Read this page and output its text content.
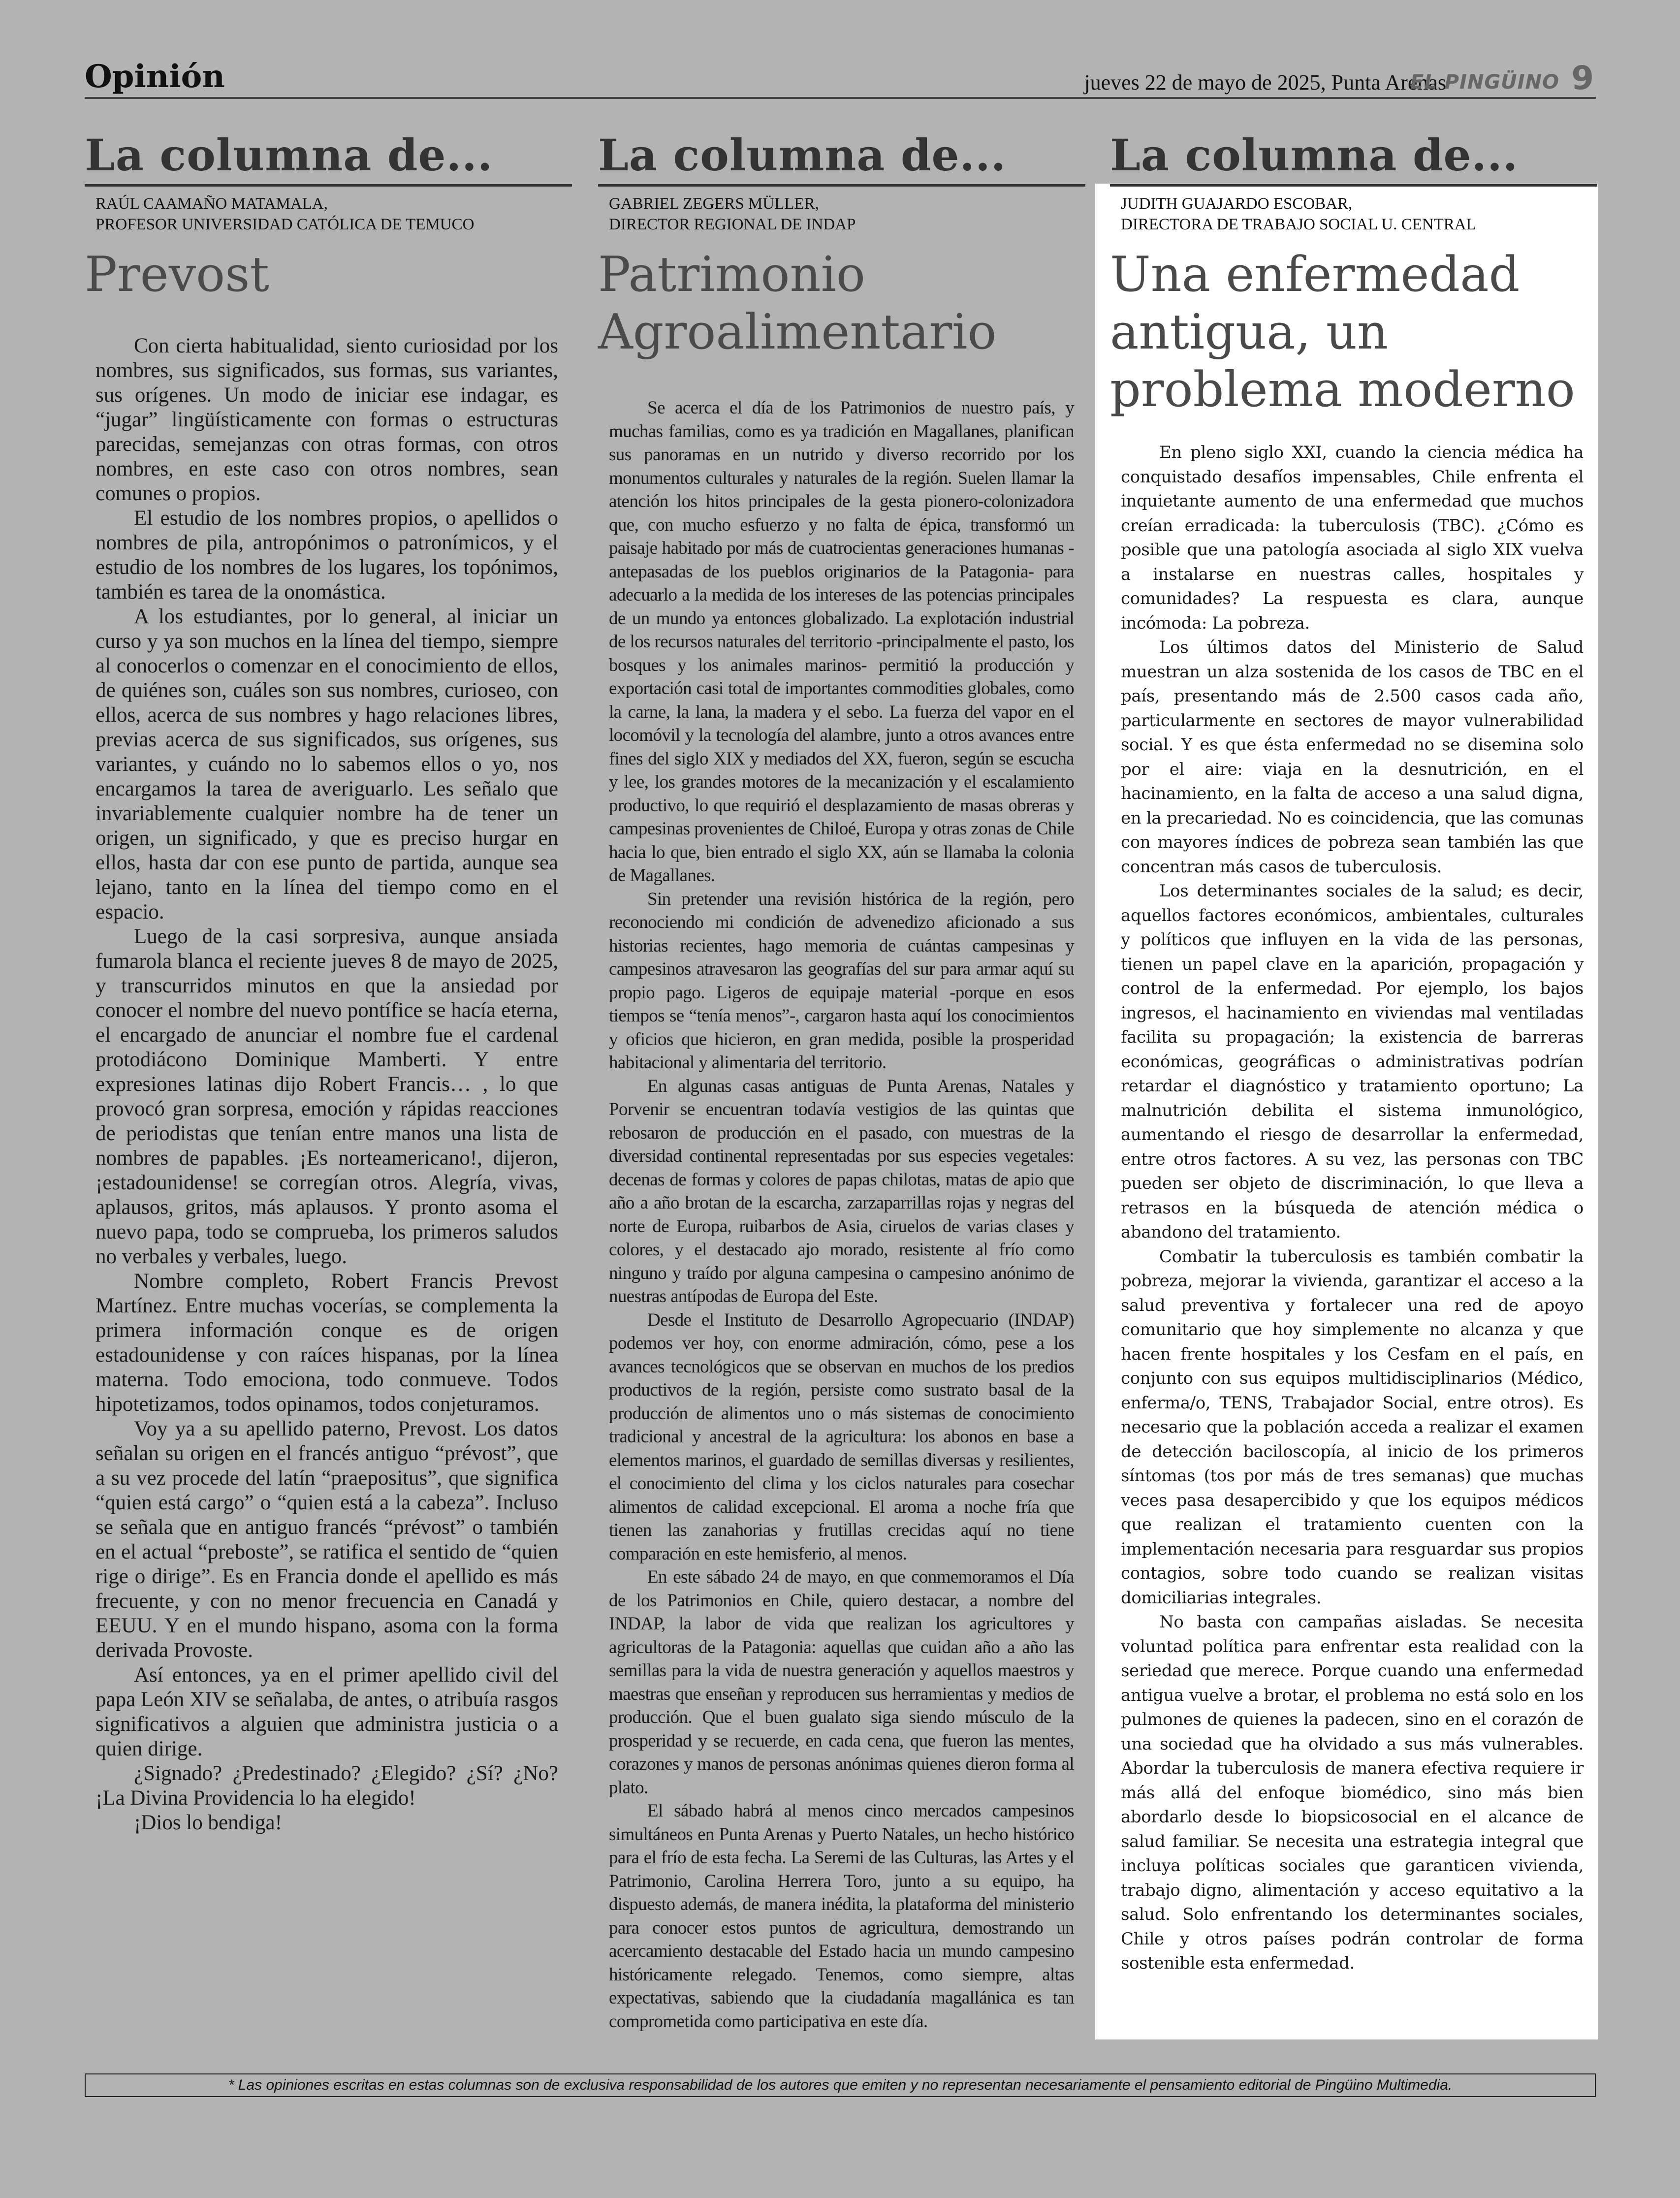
Opinión	jueves 22 de mayo de 2025, Punta Arenas
EL PINGÜINO 9
La columna de...
RAÚL CAAMAÑO MATAMALA,
PROFESOR UNIVERSIDAD CATÓLICA DE TEMUCO
Prevost

Con cierta habitualidad, siento curiosidad por los nombres, sus significados, sus formas, sus variantes, sus orígenes. Un modo de iniciar ese indagar, es “jugar” lingüísticamente con formas o estructuras parecidas, semejanzas con otras formas, con otros nombres, en este caso con otros nombres, sean comunes o propios.

El estudio de los nombres propios, o apellidos o nombres de pila, antropónimos o patronímicos, y el estudio de los nombres de los lugares, los topónimos, también es tarea de la onomástica.

A los estudiantes, por lo general, al iniciar un curso y ya son muchos en la línea del tiempo, siempre al conocerlos o comenzar en el conocimiento de ellos, de quiénes son, cuáles son sus nombres, curioseo, con ellos, acerca de sus nombres y hago relaciones libres, previas acerca de sus significados, sus orígenes, sus variantes, y cuándo no lo sabemos ellos o yo, nos encargamos la tarea de averiguarlo. Les señalo que invariablemente cualquier nombre ha de tener un origen, un significado, y que es preciso hurgar en ellos, hasta dar con ese punto de partida, aunque sea lejano, tanto en la línea del tiempo como en el espacio.

Luego de la casi sorpresiva, aunque ansiada fumarola blanca el reciente jueves 8 de mayo de 2025, y transcurridos minutos en que la ansiedad por conocer el nombre del nuevo pontífice se hacía eterna, el encargado de anunciar el nombre fue el cardenal protodiácono Dominique Mamberti. Y entre expresiones latinas dijo Robert Francis… , lo que provocó gran sorpresa, emoción y rápidas reacciones de periodistas que tenían entre manos una lista de nombres de papables. ¡Es norteamericano!, dijeron, ¡estadounidense! se corregían otros. Alegría, vivas, aplausos, gritos, más aplausos. Y pronto asoma el nuevo papa, todo se comprueba, los primeros saludos no verbales y verbales, luego.

Nombre completo, Robert Francis Prevost Martínez. Entre muchas vocerías, se complementa la primera información conque es de origen estadounidense y con raíces hispanas, por la línea materna. Todo emociona, todo conmueve. Todos hipotetizamos, todos opinamos, todos conjeturamos.

Voy ya a su apellido paterno, Prevost. Los datos señalan su origen en el francés antiguo “prévost”, que a su vez procede del latín “praepositus”, que significa “quien está cargo” o “quien está a la cabeza”. Incluso se señala que en antiguo francés “prévost” o también en el actual “preboste”, se ratifica el sentido de “quien rige o dirige”. Es en Francia donde el apellido es más frecuente, y con no menor frecuencia en Canadá y EEUU. Y en el mundo hispano, asoma con la forma derivada Provoste.

Así entonces, ya en el primer apellido civil del papa León XIV se señalaba, de antes, o atribuía rasgos significativos a alguien que administra justicia o a quien dirige.

¿Signado? ¿Predestinado? ¿Elegido? ¿Sí? ¿No? ¡La Divina Providencia lo ha elegido!

¡Dios lo bendiga!

La columna de...
GABRIEL ZEGERS MÜLLER,
DIRECTOR REGIONAL DE INDAP
Patrimonio Agroalimentario

Se acerca el día de los Patrimonios de nuestro país, y muchas familias, como es ya tradición en Magallanes, planifican sus panoramas en un nutrido y diverso recorrido por los monumentos culturales y naturales de la región. Suelen llamar la atención los hitos principales de la gesta pionero-colonizadora que, con mucho esfuerzo y no falta de épica, transformó un paisaje habitado por más de cuatrocientas generaciones humanas -antepasadas de los pueblos originarios de la Patagonia- para adecuarlo a la medida de los intereses de las potencias principales de un mundo ya entonces globalizado. La explotación industrial de los recursos naturales del territorio -principalmente el pasto, los bosques y los animales marinos- permitió la producción y exportación casi total de importantes commodities globales, como la carne, la lana, la madera y el sebo. La fuerza del vapor en el locomóvil y la tecnología del alambre, junto a otros avances entre fines del siglo XIX y mediados del XX, fueron, según se escucha y lee, los grandes motores de la mecanización y el escalamiento productivo, lo que requirió el desplazamiento de masas obreras y campesinas provenientes de Chiloé, Europa y otras zonas de Chile hacia lo que, bien entrado el siglo XX, aún se llamaba la colonia de Magallanes.

Sin pretender una revisión histórica de la región, pero reconociendo mi condición de advenedizo aficionado a sus historias recientes, hago memoria de cuántas campesinas y campesinos atravesaron las geografías del sur para armar aquí su propio pago. Ligeros de equipaje material -porque en esos tiempos se “tenía menos”-, cargaron hasta aquí los conocimientos y oficios que hicieron, en gran medida, posible la prosperidad habitacional y alimentaria del territorio.

En algunas casas antiguas de Punta Arenas, Natales y Porvenir se encuentran todavía vestigios de las quintas que rebosaron de producción en el pasado, con muestras de la diversidad continental representadas por sus especies vegetales: decenas de formas y colores de papas chilotas, matas de apio que año a año brotan de la escarcha, zarzaparrillas rojas y negras del norte de Europa, ruibarbos de Asia, ciruelos de varias clases y colores, y el destacado ajo morado, resistente al frío como ninguno y traído por alguna campesina o campesino anónimo de nuestras antípodas de Europa del Este.

Desde el Instituto de Desarrollo Agropecuario (INDAP) podemos ver hoy, con enorme admiración, cómo, pese a los avances tecnológicos que se observan en muchos de los predios productivos de la región, persiste como sustrato basal de la producción de alimentos uno o más sistemas de conocimiento tradicional y ancestral de la agricultura: los abonos en base a elementos marinos, el guardado de semillas diversas y resilientes, el conocimiento del clima y los ciclos naturales para cosechar alimentos de calidad excepcional. El aroma a noche fría que tienen las zanahorias y frutillas crecidas aquí no tiene comparación en este hemisferio, al menos.

En este sábado 24 de mayo, en que conmemoramos el Día de los Patrimonios en Chile, quiero destacar, a nombre del INDAP, la labor de vida que realizan los agricultores y agricultoras de la Patagonia: aquellas que cuidan año a año las semillas para la vida de nuestra generación y aquellos maestros y maestras que enseñan y reproducen sus herramientas y medios de producción. Que el buen gualato siga siendo músculo de la prosperidad y se recuerde, en cada cena, que fueron las mentes, corazones y manos de personas anónimas quienes dieron forma al plato.

El sábado habrá al menos cinco mercados campesinos simultáneos en Punta Arenas y Puerto Natales, un hecho histórico para el frío de esta fecha. La Seremi de las Culturas, las Artes y el Patrimonio, Carolina Herrera Toro, junto a su equipo, ha dispuesto además, de manera inédita, la plataforma del ministerio para conocer estos puntos de agricultura, demostrando un acercamiento destacable del Estado hacia un mundo campesino históricamente relegado. Tenemos, como siempre, altas expectativas, sabiendo que la ciudadanía magallánica es tan comprometida como participativa en este día.

La columna de...
JUDITH GUAJARDO ESCOBAR,
DIRECTORA DE TRABAJO SOCIAL U. CENTRAL
Una enfermedad antigua, un problema moderno

En pleno siglo XXI, cuando la ciencia médica ha conquistado desafíos impensables, Chile enfrenta el inquietante aumento de una enfermedad que muchos creían erradicada: la tuberculosis (TBC). ¿Cómo es posible que una patología asociada al siglo XIX vuelva a instalarse en nuestras calles, hospitales y comunidades? La respuesta es clara, aunque incómoda: La pobreza.

Los últimos datos del Ministerio de Salud muestran un alza sostenida de los casos de TBC en el país, presentando más de 2.500 casos cada año, particularmente en sectores de mayor vulnerabilidad social. Y es que ésta enfermedad no se disemina solo por el aire: viaja en la desnutrición, en el hacinamiento, en la falta de acceso a una salud digna, en la precariedad. No es coincidencia, que las comunas con mayores índices de pobreza sean también las que concentran más casos de tuberculosis.

Los determinantes sociales de la salud; es decir, aquellos factores económicos, ambientales, culturales y políticos que influyen en la vida de las personas, tienen un papel clave en la aparición, propagación y control de la enfermedad. Por ejemplo, los bajos ingresos, el hacinamiento en viviendas mal ventiladas facilita su propagación; la existencia de barreras económicas, geográficas o administrativas podrían retardar el diagnóstico y tratamiento oportuno; La malnutrición debilita el sistema inmunológico, aumentando el riesgo de desarrollar la enfermedad, entre otros factores. A su vez, las personas con TBC pueden ser objeto de discriminación, lo que lleva a retrasos en la búsqueda de atención médica o abandono del tratamiento.

Combatir la tuberculosis es también combatir la pobreza, mejorar la vivienda, garantizar el acceso a la salud preventiva y fortalecer una red de apoyo comunitario que hoy simplemente no alcanza y que hacen frente hospitales y los Cesfam en el país, en conjunto con sus equipos multidisciplinarios (Médico, enferma/o, TENS, Trabajador Social, entre otros). Es necesario que la población acceda a realizar el examen de detección baciloscopía, al inicio de los primeros síntomas (tos por más de tres semanas) que muchas veces pasa desapercibido y que los equipos médicos que realizan el tratamiento cuenten con la implementación necesaria para resguardar sus propios contagios, sobre todo cuando se realizan visitas domiciliarias integrales.

No basta con campañas aisladas. Se necesita voluntad política para enfrentar esta realidad con la seriedad que merece. Porque cuando una enfermedad antigua vuelve a brotar, el problema no está solo en los pulmones de quienes la padecen, sino en el corazón de una sociedad que ha olvidado a sus más vulnerables. Abordar la tuberculosis de manera efectiva requiere ir más allá del enfoque biomédico, sino más bien abordarlo desde lo biopsicosocial en el alcance de salud familiar. Se necesita una estrategia integral que incluya políticas sociales que garanticen vivienda, trabajo digno, alimentación y acceso equitativo a la salud. Solo enfrentando los determinantes sociales, Chile y otros países podrán controlar de forma sostenible esta enfermedad.

* Las opiniones escritas en estas columnas son de exclusiva responsabilidad de los autores que emiten y no representan necesariamente el pensamiento editorial de Pingüino Multimedia.
